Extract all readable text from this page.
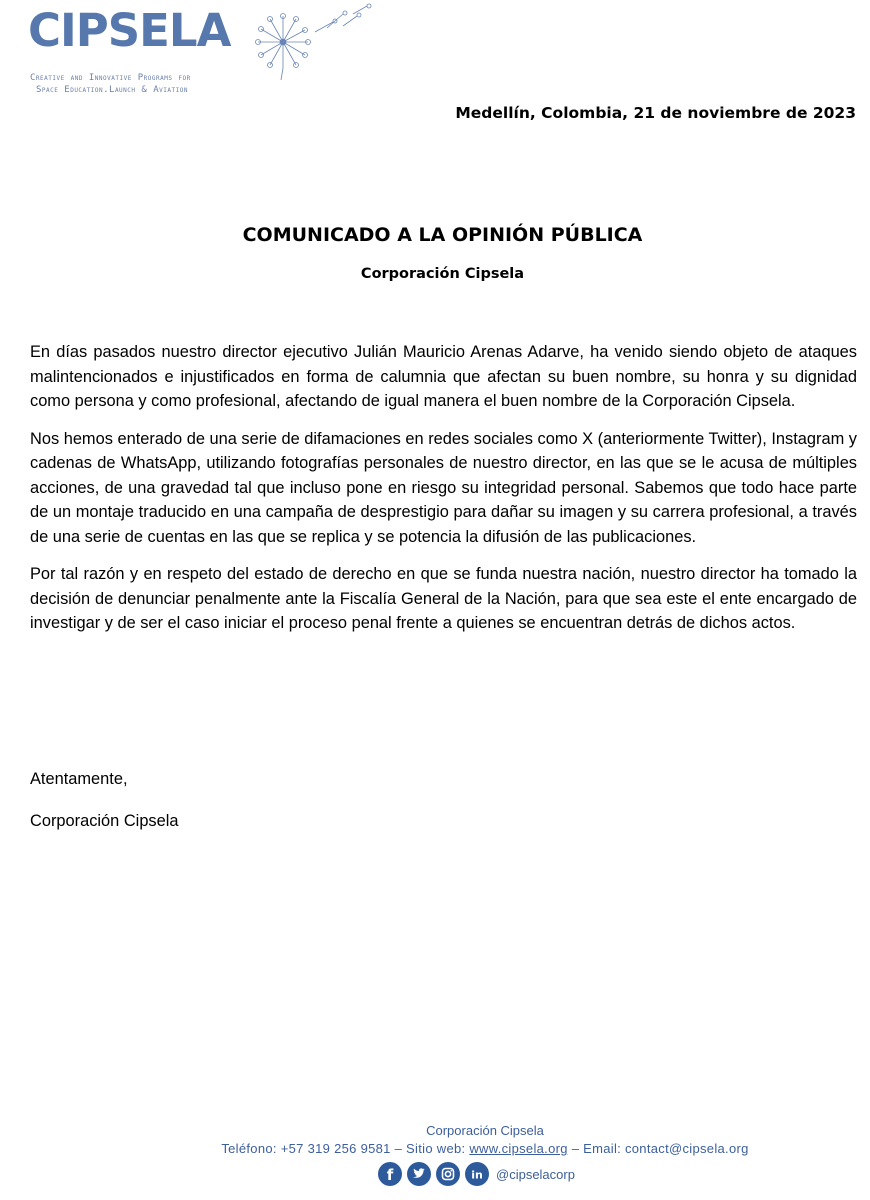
CIPSELA
Creative and Innovative Programs for
Space Education.Launch & Aviation
Medellín, Colombia, 21 de noviembre de 2023
COMUNICADO A LA OPINIÓN PÚBLICA
Corporación Cipsela

En días pasados nuestro director ejecutivo Julián Mauricio Arenas Adarve, ha venido siendo objeto de ataques malintencionados e injustificados en forma de calumnia que afectan su buen nombre, su honra y su dignidad como persona y como profesional, afectando de igual manera el buen nombre de la Corporación Cipsela.

Nos hemos enterado de una serie de difamaciones en redes sociales como X (anteriormente Twitter), Instagram y cadenas de WhatsApp, utilizando fotografías personales de nuestro director, en las que se le acusa de múltiples acciones, de una gravedad tal que incluso pone en riesgo su integridad personal. Sabemos que todo hace parte de un montaje traducido en una campaña de desprestigio para dañar su imagen y su carrera profesional, a través de una serie de cuentas en las que se replica y se potencia la difusión de las publicaciones.

Por tal razón y en respeto del estado de derecho en que se funda nuestra nación, nuestro director ha tomado la decisión de denunciar penalmente ante la Fiscalía General de la Nación, para que sea este el ente encargado de investigar y de ser el caso iniciar el proceso penal frente a quienes se encuentran detrás de dichos actos.

Atentamente,
Corporación Cipsela
Corporación Cipsela
Teléfono: +57 319 256 9581 – Sitio web: www.cipsela.org – Email: contact@cipsela.org
f	in @cipselacorp
